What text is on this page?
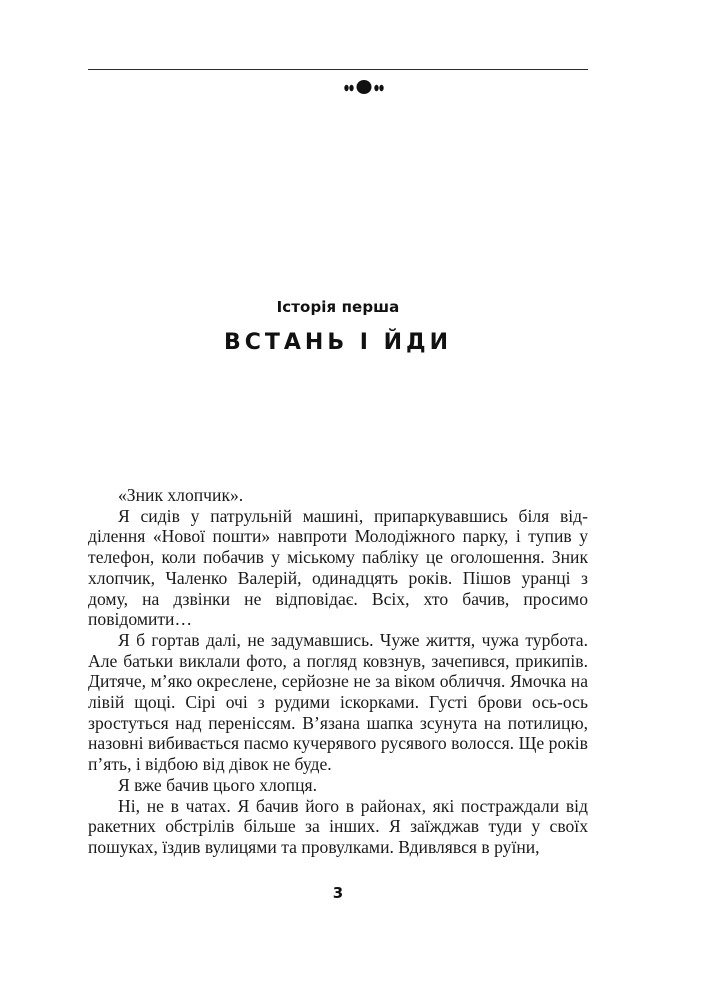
Історія перша
ВСТАНЬ І ЙДИ

«Зник хлопчик».

Я сидів у патрульній машині, припаркувавшись біля відділення «Нової пошти» навпроти Молодіжного парку, і тупив у телефон, коли побачив у міському пабліку це оголошення. Зник хлопчик, Чаленко Валерій, одинадцять років. Пішов уранці з дому, на дзвінки не відповідає. Всіх, хто бачив, просимо повідомити…

Я б гортав далі, не задумавшись. Чуже життя, чужа турбота. Але батьки виклали фото, а погляд ковзнув, зачепився, прикипів. Дитяче, м’яко окреслене, серйозне не за віком обличчя. Ямочка на лівій щоці. Сірі очі з рудими іскорками. Густі брови ось-ось зростуться над переніссям. В’язана шапка зсунута на потилицю, назовні вибивається пасмо кучерявого русявого волосся. Ще років п’ять, і відбою від дівок не буде.

Я вже бачив цього хлопця.

Ні, не в чатах. Я бачив його в районах, які постраждали від ракетних обстрілів більше за інших. Я заїжджав туди у своїх пошуках, їздив вулицями та провулками. Вдивлявся в руїни,

3
